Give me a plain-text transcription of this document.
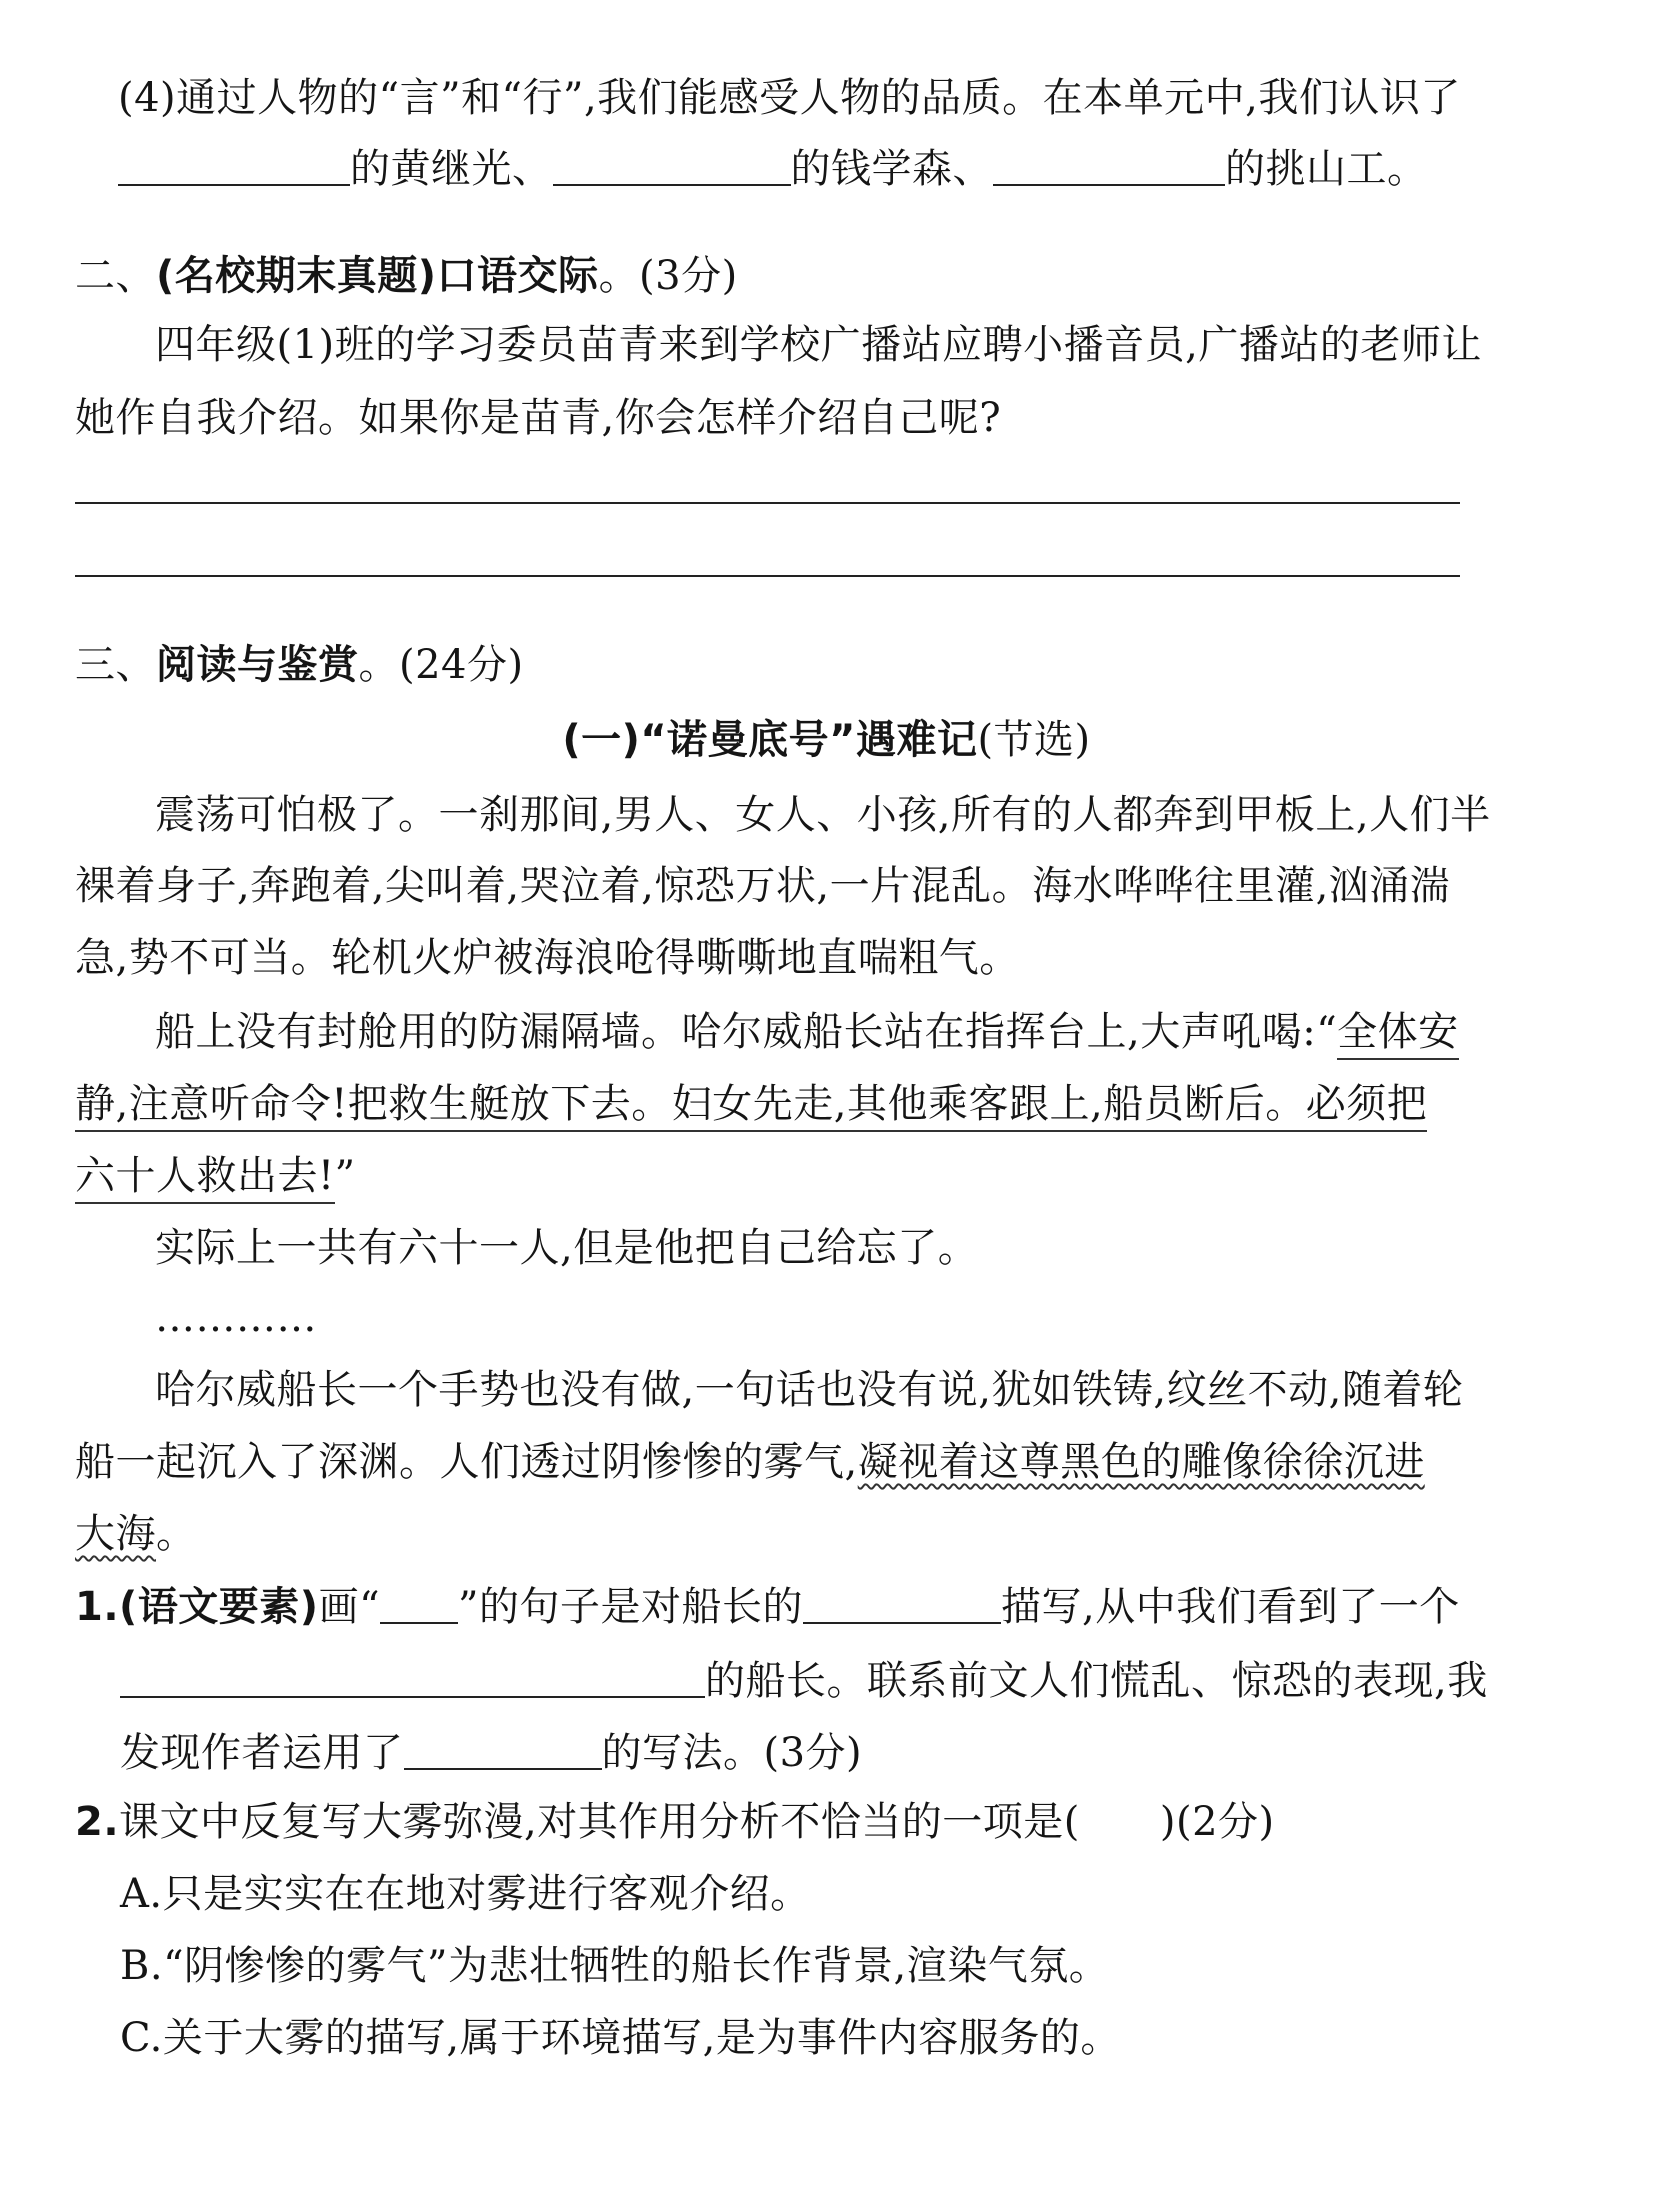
(4)通过人物的“言”和“行”,我们能感受人物的品质。在本单元中,我们认识了
的黄继光、	的钱学森、	的挑山工。
二、(名校期末真题)口语交际。(3分)
四年级(1)班的学习委员苗青来到学校广播站应聘小播音员,广播站的老师让
她作自我介绍。如果你是苗青,你会怎样介绍自己呢?
三、阅读与鉴赏。(24分)
(一)“诺曼底号”遇难记(节选)
震荡可怕极了。一刹那间,男人、女人、小孩,所有的人都奔到甲板上,人们半
裸着身子,奔跑着,尖叫着,哭泣着,惊恐万状,一片混乱。海水哗哗往里灌,汹涌湍
急,势不可当。轮机火炉被海浪呛得嘶嘶地直喘粗气。
船上没有封舱用的防漏隔墙。哈尔威船长站在指挥台上,大声吼喝:“全体安
静,注意听命令!把救生艇放下去。妇女先走,其他乘客跟上,船员断后。必须把
六十人救出去!”
实际上一共有六十一人,但是他把自己给忘了。
…………
哈尔威船长一个手势也没有做,一句话也没有说,犹如铁铸,纹丝不动,随着轮
船一起沉入了深渊。人们透过阴惨惨的雾气,凝视着这尊黑色的雕像徐徐沉进
大海。
1.(语文要素)画“ ”的句子是对船长的	描写,从中我们看到了一个
的船长。联系前文人们慌乱、惊恐的表现,我
发现作者运用了	的写法。(3分)
2.课文中反复写大雾弥漫,对其作用分析不恰当的一项是( )(2分)
A.只是实实在在地对雾进行客观介绍。
B.“阴惨惨的雾气”为悲壮牺牲的船长作背景,渲染气氛。
C.关于大雾的描写,属于环境描写,是为事件内容服务的。
